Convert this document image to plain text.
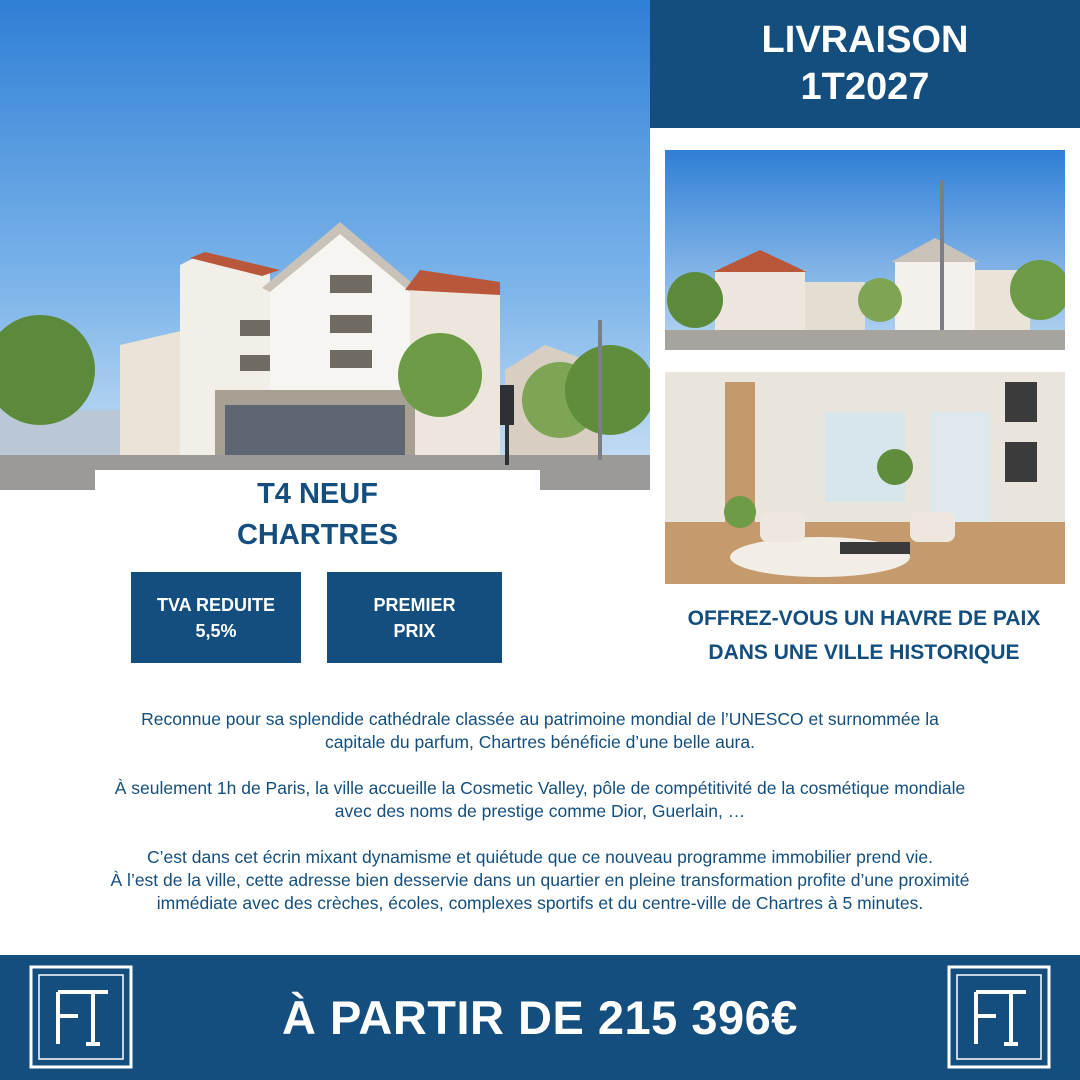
LIVRAISON
1T2027
T4 NEUF
CHARTRES
TVA REDUITE
5,5%
PREMIER
PRIX
OFFREZ-VOUS UN HAVRE DE PAIX
DANS UNE VILLE HISTORIQUE

Reconnue pour sa splendide cathédrale classée au patrimoine mondial de l’UNESCO et surnommée la
capitale du parfum, Chartres bénéficie d’une belle aura.

À seulement 1h de Paris, la ville accueille la Cosmetic Valley, pôle de compétitivité de la cosmétique mondiale
avec des noms de prestige comme Dior, Guerlain, …

C’est dans cet écrin mixant dynamisme et quiétude que ce nouveau programme immobilier prend vie.
À l’est de la ville, cette adresse bien desservie dans un quartier en pleine transformation profite d’une proximité
immédiate avec des crèches, écoles, complexes sportifs et du centre-ville de Chartres à 5 minutes.

À PARTIR DE 215 396€
